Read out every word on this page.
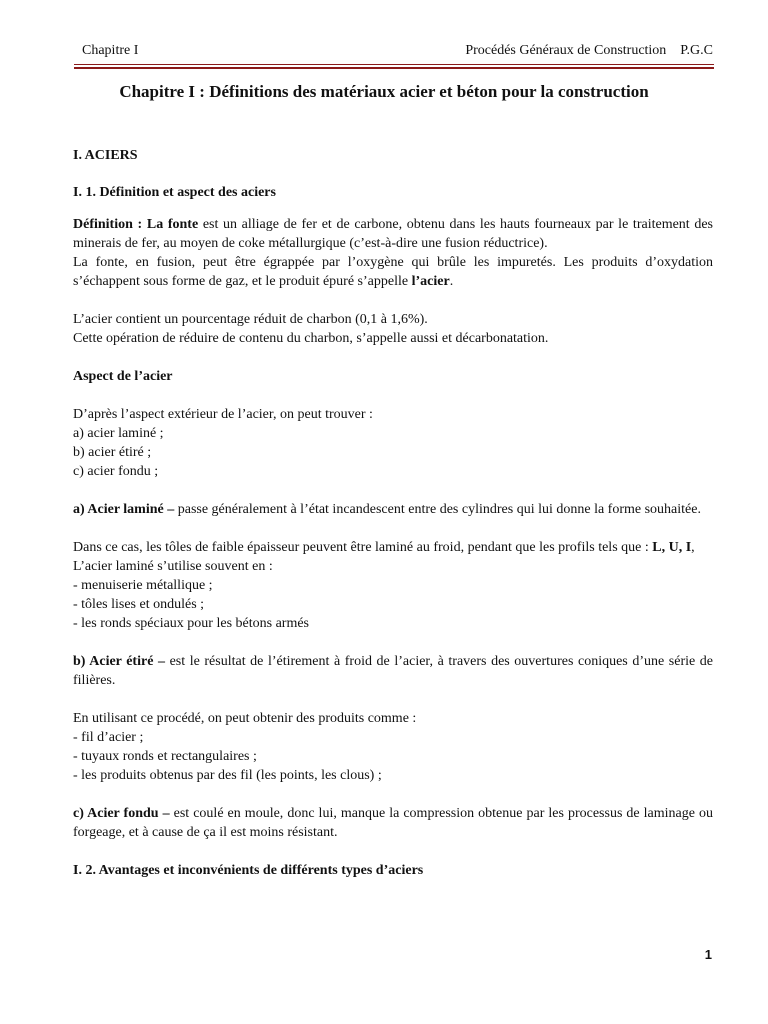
Chapitre I	Procédés Généraux de Construction    P.G.C
Chapitre I : Définitions des matériaux acier et béton pour la construction

I. ACIERS

I. 1. Définition et aspect des aciers

Définition : La fonte est un alliage de fer et de carbone, obtenu dans les hauts fourneaux par le traitement des minerais de fer, au moyen de coke métallurgique (c’est-à-dire une fusion réductrice).

La fonte, en fusion, peut être égrappée par l’oxygène qui brûle les impuretés. Les produits d’oxydation s’échappent sous forme de gaz, et le produit épuré s’appelle l’acier.

L’acier contient un pourcentage réduit de charbon (0,1 à 1,6%).

Cette opération de réduire de contenu du charbon, s’appelle aussi et décarbonatation.

Aspect de l’acier

D’après l’aspect extérieur de l’acier, on peut trouver :

a) acier laminé ;

b) acier étiré ;

c) acier fondu ;

a) Acier laminé – passe généralement à l’état incandescent entre des cylindres qui lui donne la forme souhaitée.

Dans ce cas, les tôles de faible épaisseur peuvent être laminé au froid, pendant que les profils tels que : L, U, I,

L’acier laminé s’utilise souvent en :

- menuiserie métallique ;

- tôles lises et ondulés ;

- les ronds spéciaux pour les bétons armés

b) Acier étiré – est le résultat de l’étirement à froid de l’acier, à travers des ouvertures coniques d’une série de filières.

En utilisant ce procédé, on peut obtenir des produits comme :

- fil d’acier ;

- tuyaux ronds et rectangulaires ;

- les produits obtenus par des fil (les points, les clous) ;

c) Acier fondu – est coulé en moule, donc lui, manque la compression obtenue par les processus de laminage ou forgeage, et à cause de ça il est moins résistant.

I. 2. Avantages et inconvénients de différents types d’aciers

1
